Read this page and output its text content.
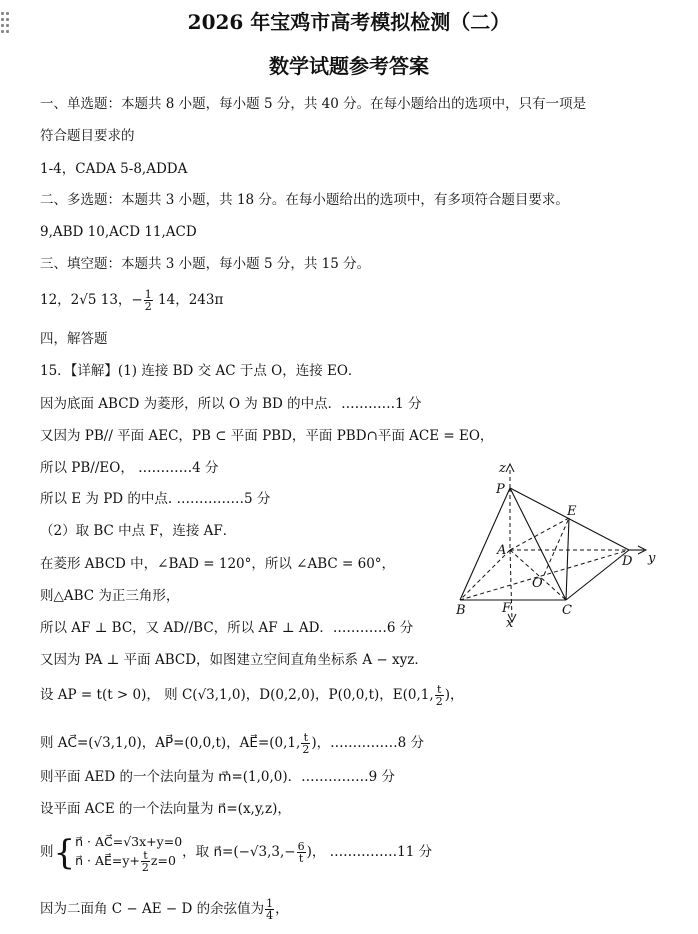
2026 年宝鸡市高考模拟检测（二）
数学试题参考答案
一、单选题：本题共 8 小题，每小题 5 分，共 40 分。在每小题给出的选项中，只有一项是
符合题目要求的
1-4，CADA 5-8,ADDA
二、多选题：本题共 3 小题，共 18 分。在每小题给出的选项中，有多项符合题目要求。
9,ABD 10,ACD 11,ACD
三、填空题：本题共 3 小题，每小题 5 分，共 15 分。
12，2√5 13，− $\frac{1}{2} 14$，243π
四，解答题
15．【详解】(1) 连接 BD 交 AC 于点 O，连接 EO．
因为底面 ABCD 为菱形，所以 O 为 BD 的中点．…………1 分
又因为 PB// 平面 AEC，PB ⊂ 平面 PBD，平面 PBD∩平面 ACE = EO，
所以 PB//EO， …………4 分
所以 E 为 PD 的中点. ……………5 分
（2）取 BC 中点 F，连接 AF．
在菱形 ABCD 中，∠BAD = 120°，所以 ∠ABC = 60°，
则△ABC 为正三角形，
所以 AF ⊥ BC，又 AD//BC，所以 AF ⊥ AD．…………6 分
又因为 PA ⊥ 平面 ABCD，如图建立空间直角坐标系 A − xyz．
设 AP = t(t > 0)， 则 C(√3,1,0)，D(0,2,0)，P(0,0,t)，E(0,1, $\frac{t}{2}$ )，
则 AC⃗=(√3,1,0)，AP⃗=(0,0,t)，AE⃗=(0,1, $\frac{t}{2}$ )，……………8 分
则平面 AED 的一个法向量为 m⃗=(1,0,0)．……………9 分
设平面 ACE 的一个法向量为 n⃗=(x,y,z)，
则{ n⃗ · AC⃗=√3x+y=0
n⃗ · AE⃗=y+ $\frac{t}{2} z=0$ ，取 n⃗=(−√3,3,− $\frac{6}{t}$ )， ……………11 分
因为二面角 C − AE − D 的余弦值为 $\frac{1}{4}$ ，
z
P
E
A
O
D y
B	F	C
x
